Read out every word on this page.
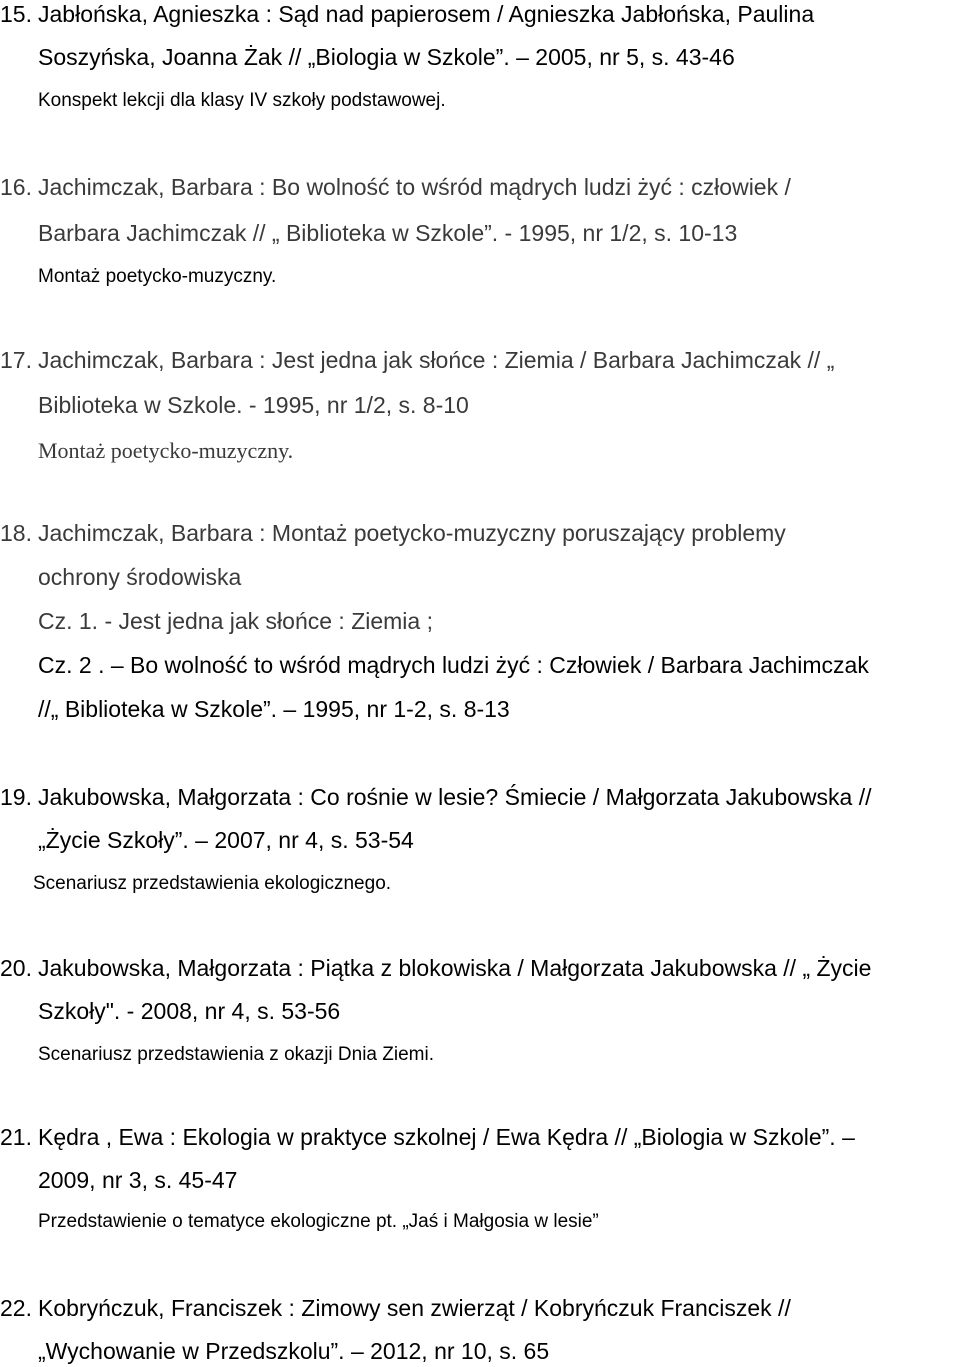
15. Jabłońska, Agnieszka : Sąd nad papierosem / Agnieszka Jabłońska, Paulina
Soszyńska, Joanna Żak // „Biologia w Szkole”. – 2005, nr 5, s. 43-46
Konspekt lekcji dla klasy IV szkoły podstawowej.
16. Jachimczak, Barbara : Bo wolność to wśród mądrych ludzi żyć : człowiek /
Barbara Jachimczak // „ Biblioteka w Szkole”. - 1995, nr 1/2, s. 10-13
Montaż poetycko-muzyczny.
17. Jachimczak, Barbara : Jest jedna jak słońce : Ziemia / Barbara Jachimczak // „
Biblioteka w Szkole. - 1995, nr 1/2, s. 8-10
Montaż poetycko-muzyczny.
18. Jachimczak, Barbara : Montaż poetycko-muzyczny poruszający problemy
ochrony środowiska
Cz. 1. - Jest jedna jak słońce : Ziemia ;
Cz. 2 . – Bo wolność to wśród mądrych ludzi żyć : Człowiek / Barbara Jachimczak
//„ Biblioteka w Szkole”. – 1995, nr 1-2, s. 8-13
19. Jakubowska, Małgorzata : Co rośnie w lesie? Śmiecie / Małgorzata Jakubowska //
„Życie Szkoły”. – 2007, nr 4, s. 53-54
Scenariusz przedstawienia ekologicznego.
20. Jakubowska, Małgorzata : Piątka z blokowiska / Małgorzata Jakubowska // „ Życie
Szkoły". - 2008, nr 4, s. 53-56
Scenariusz przedstawienia z okazji Dnia Ziemi.
21. Kędra , Ewa : Ekologia w praktyce szkolnej / Ewa Kędra // „Biologia w Szkole”. –
2009, nr 3, s. 45-47
Przedstawienie o tematyce ekologiczne pt. „Jaś i Małgosia w lesie”
22. Kobryńczuk, Franciszek : Zimowy sen zwierząt / Kobryńczuk Franciszek //
„Wychowanie w Przedszkolu”. – 2012, nr 10, s. 65
